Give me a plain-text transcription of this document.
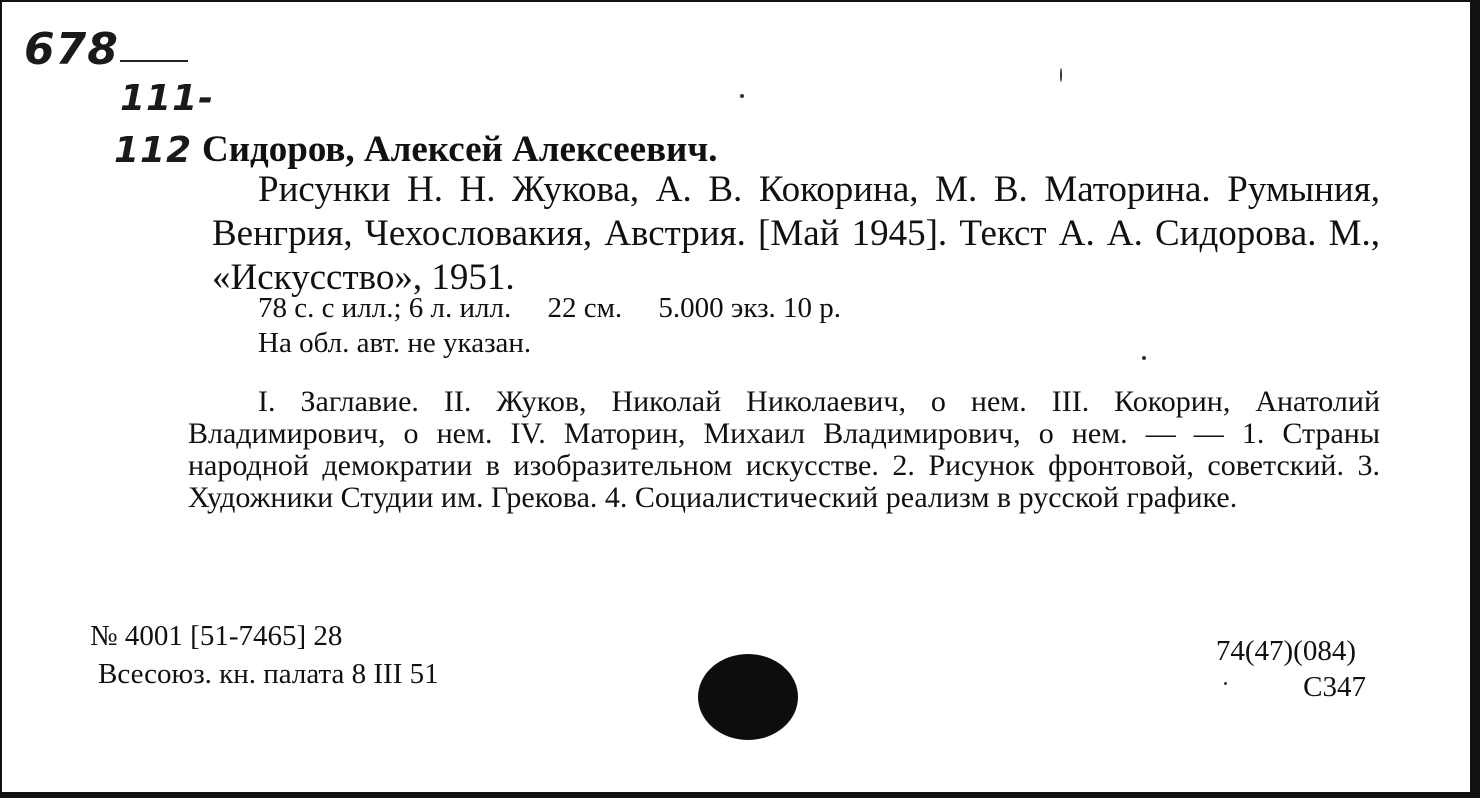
678
111-
112 Сидоров, Алексей Алексеевич.
Рисунки Н. Н. Жукова, А. В. Кокорина, М. В. Маторина. Румыния, Венгрия, Чехословакия, Австрия. [Май 1945]. Текст А. А. Сидорова. М., «Искусство», 1951.
78 с. с илл.; 6 л. илл.     22 см.     5.000 экз. 10 р.
На обл. авт. не указан.
I. Заглавие. II. Жуков, Николай Николаевич, о нем. III. Кокорин, Анатолий Владимирович, о нем. IV. Маторин, Михаил Владимирович, о нем. — — 1. Страны народной демократии в изобразительном искусстве. 2. Рисунок фронтовой, советский. 3. Художники Студии им. Грекова. 4. Социалистический реализм в русской графике.
№ 4001 [51-7465] 28
Всесоюз. кн. палата 8 III 51
74(47)(084)
С347
